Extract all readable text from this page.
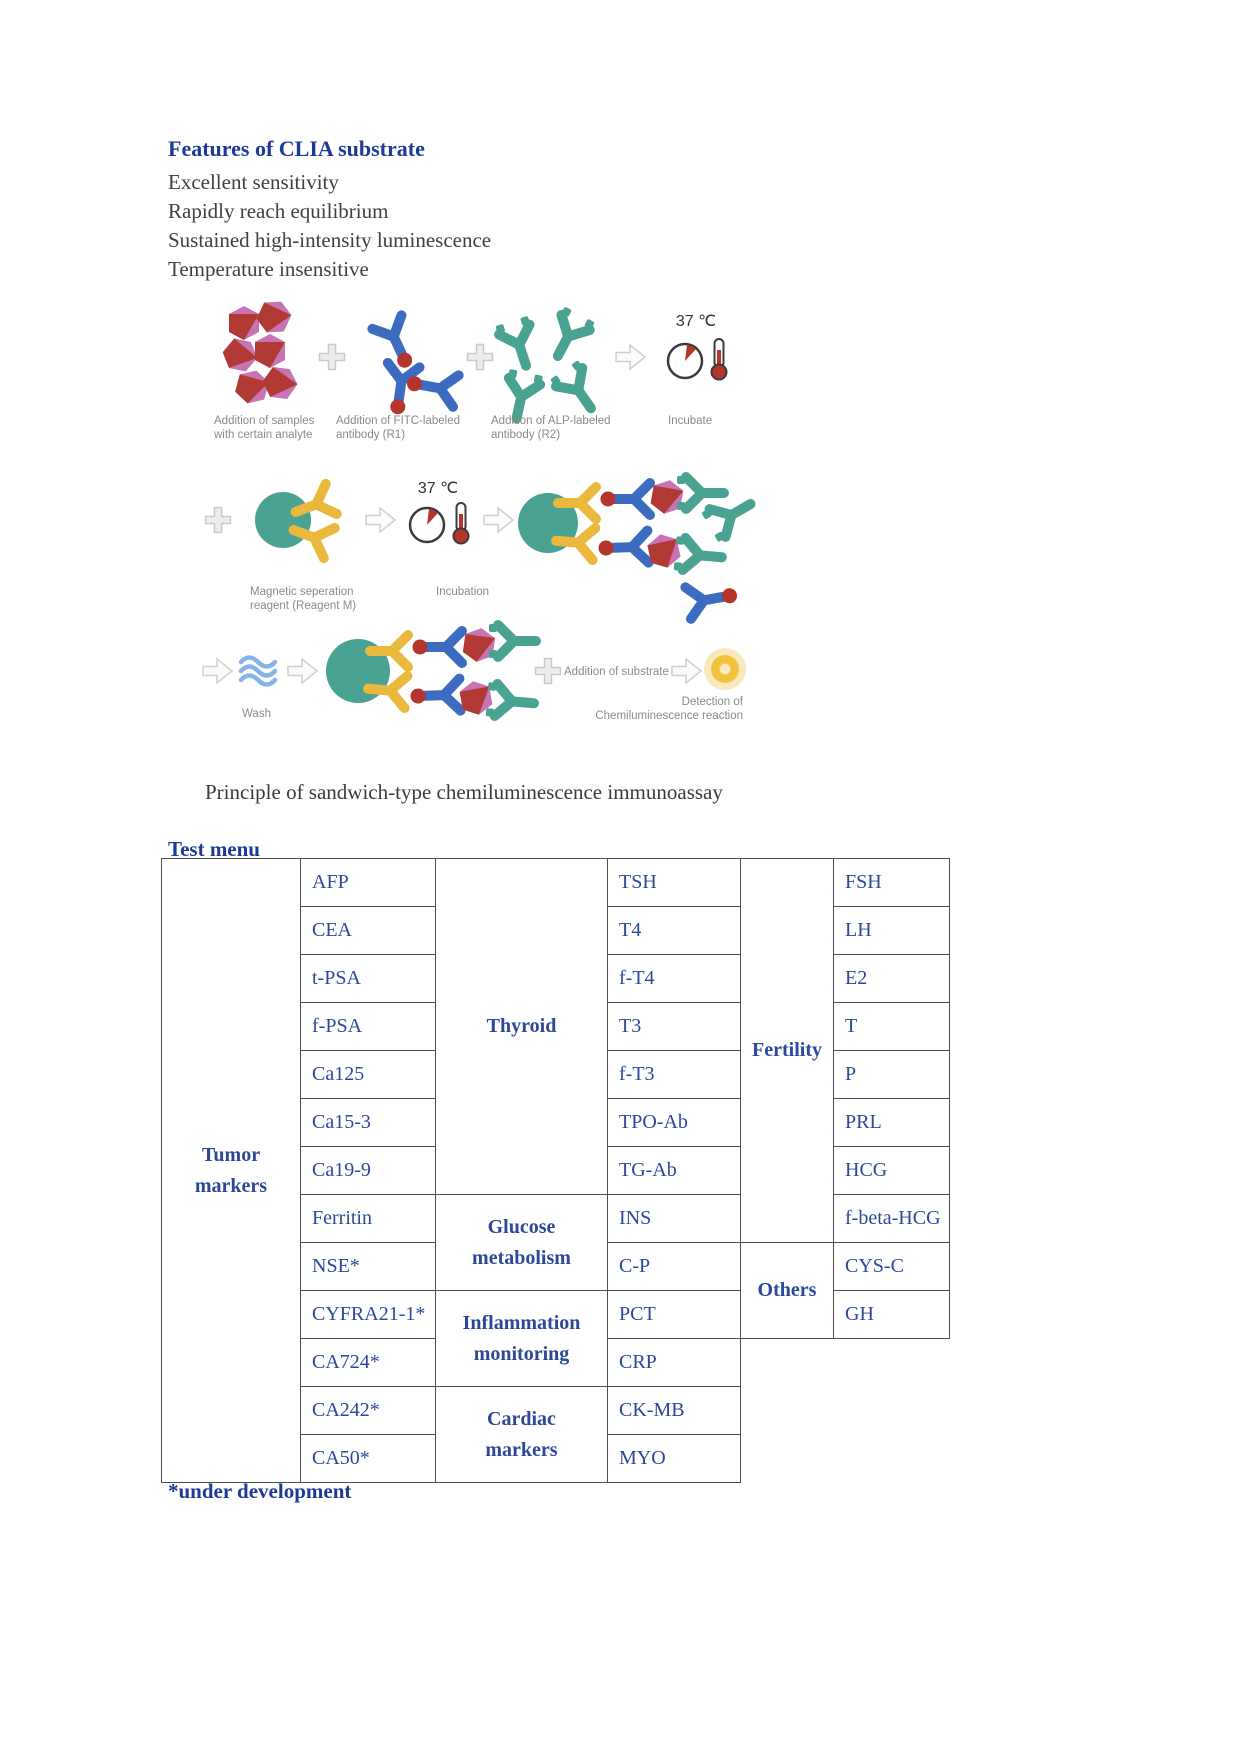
Features of CLIA substrate
Excellent sensitivity
Rapidly reach equilibrium
Sustained high-intensity luminescence
Temperature insensitive
37 ℃
Addition of samples
with certain analyte
Addition of FITC-labeled
antibody (R1)
Addition of ALP-labeled
antibody (R2)
Incubate
37 ℃
Magnetic seperation
reagent (Reagent M)
Incubation
Addition of substrate
Wash
Detection of
Chemiluminescence reaction
Principle of sandwich-type chemiluminescence immunoassay
Test menu
Tumor markers	AFP	Thyroid	TSH	Fertility	FSH
	CEA		T4		LH
	t-PSA		f-T4		E2
	f-PSA		T3		T
	Ca125		f-T3		P
	Ca15-3		TPO-Ab		PRL
	Ca19-9		TG-Ab		HCG
	Ferritin	Glucose metabolism	INS		f-beta-HCG
	NSE*		C-P	Others	CYS-C
	CYFRA21-1*	Inflammation monitoring	PCT		GH
	CA724*		CRP		
	CA242*	Cardiac markers	CK-MB		
	CA50*		MYO		
*under development
